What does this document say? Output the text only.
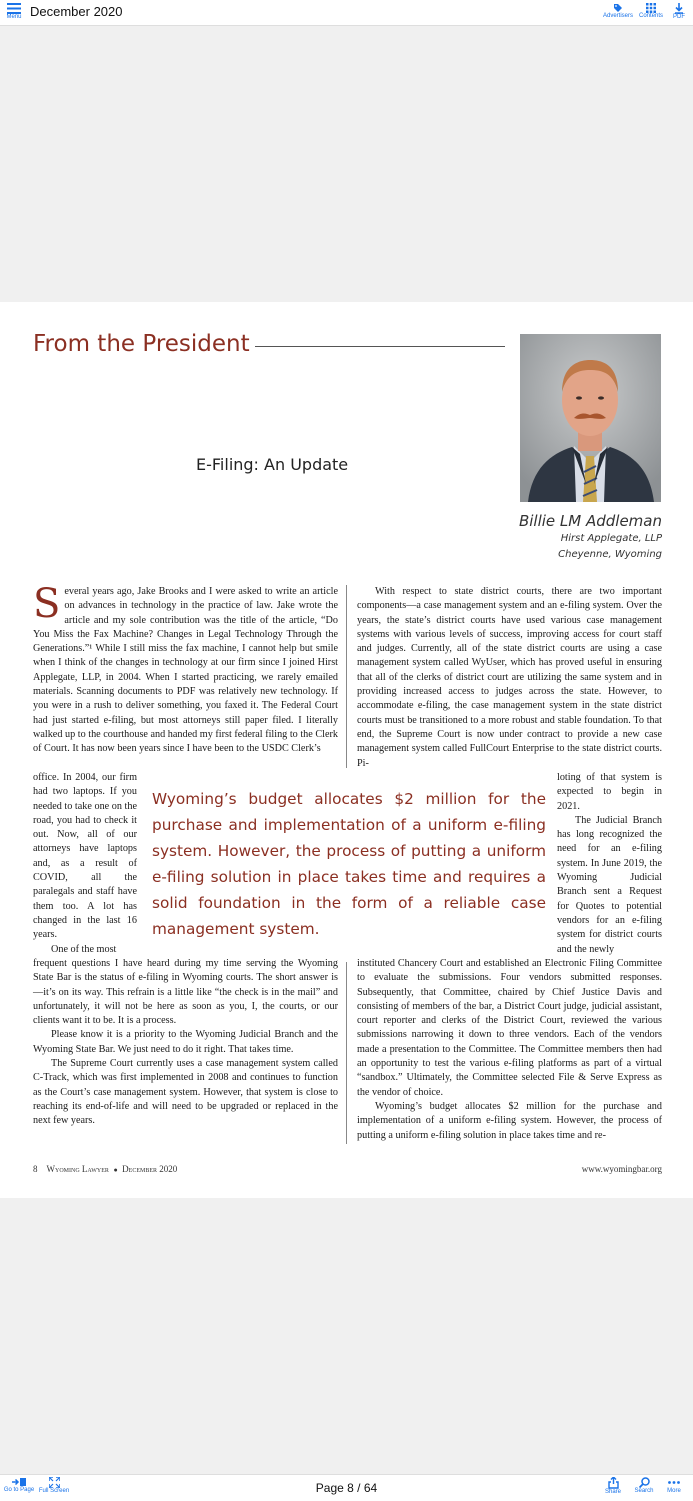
Menu December 2020	Advertisers Contents	PDF
From the President
E-Filing: An Update
Billie LM Addleman
Hirst Applegate, LLP
Cheyenne, Wyoming
S everal years ago, Jake Brooks and I were asked to write an article on advances in technology in the practice of law. Jake wrote the article and my sole contribution was the title of the article, “Do You Miss the Fax Machine? Changes in Legal Technology Through the Generations.”¹ While I still miss the fax machine, I cannot help but smile when I think of the changes in technology at our firm since I joined Hirst Applegate, LLP, in 2004. When I started practicing, we rarely emailed materials. Scanning documents to PDF was relatively new technology. If you were in a rush to deliver something, you faxed it. The Federal Court had just started e-filing, but most attorneys still paper filed. I literally walked up to the courthouse and handed my first federal filing to the Clerk of Court. It has now been years since I have been to the USDC Clerk’s

office. In 2004, our firm had two laptops. If you needed to take one on the road, you had to check it out. Now, all of our attorneys have laptops and, as a result of COVID, all the paralegals and staff have them too. A lot has changed in the last 16 years.

One of the most

frequent questions I have heard during my time serving the Wyoming State Bar is the status of e-filing in Wyoming courts. The short answer is—it’s on its way. This refrain is a little like “the check is in the mail” and unfortunately, it will not be here as soon as you, I, the courts, or our clients want it to be. It is a process.

Please know it is a priority to the Wyoming Judicial Branch and the Wyoming State Bar. We just need to do it right. That takes time.

The Supreme Court currently uses a case management system called C-Track, which was first implemented in 2008 and continues to function as the Court’s case management system. However, that system is close to reaching its end-of-life and will need to be upgraded or replaced in the next few years.

With respect to state district courts, there are two important components—a case management system and an e-filing system. Over the years, the state’s district courts have used various case management systems with various levels of success, improving access for court staff and judges. Currently, all of the state district courts are using a case management system called WyUser, which has proved useful in ensuring that all of the clerks of district court are utilizing the same system and in providing increased access to judges across the state. However, to accommodate e-filing, the case management system in the state district courts must be transitioned to a more robust and stable foundation. To that end, the Supreme Court is now under contract to provide a new case management system called FullCourt Enterprise to the state district courts. Pi-

loting of that system is expected to begin in 2021.

The Judicial Branch has long recognized the need for an e-filing system. In June 2019, the Wyoming Judicial Branch sent a Request for Quotes to potential vendors for an e-filing system for district courts and the newly

instituted Chancery Court and established an Electronic Filing Committee to evaluate the submissions. Four vendors submitted responses. Subsequently, that Committee, chaired by Chief Justice Davis and consisting of members of the bar, a District Court judge, judicial assistant, court reporter and clerks of the District Court, reviewed the various submissions narrowing it down to three vendors. Each of the vendors made a presentation to the Committee. The Committee members then had an opportunity to test the various e-filing platforms as part of a virtual “sandbox.” Ultimately, the Committee selected File & Serve Express as the vendor of choice.

Wyoming’s budget allocates $2 million for the purchase and implementation of a uniform e-filing system. However, the process of putting a uniform e-filing solution in place takes time and re-

Wyoming’s budget allocates $2 million for the purchase and implementation of a uniform e-filing system. However, the process of putting a uniform e-filing solution in place takes time and requires a solid foundation in the form of a reliable case management system.
8 Wyoming Lawyer ● December 2020	www.wyomingbar.org
Go to Page Full Screen	Page 8 / 64	Share	Search	More
